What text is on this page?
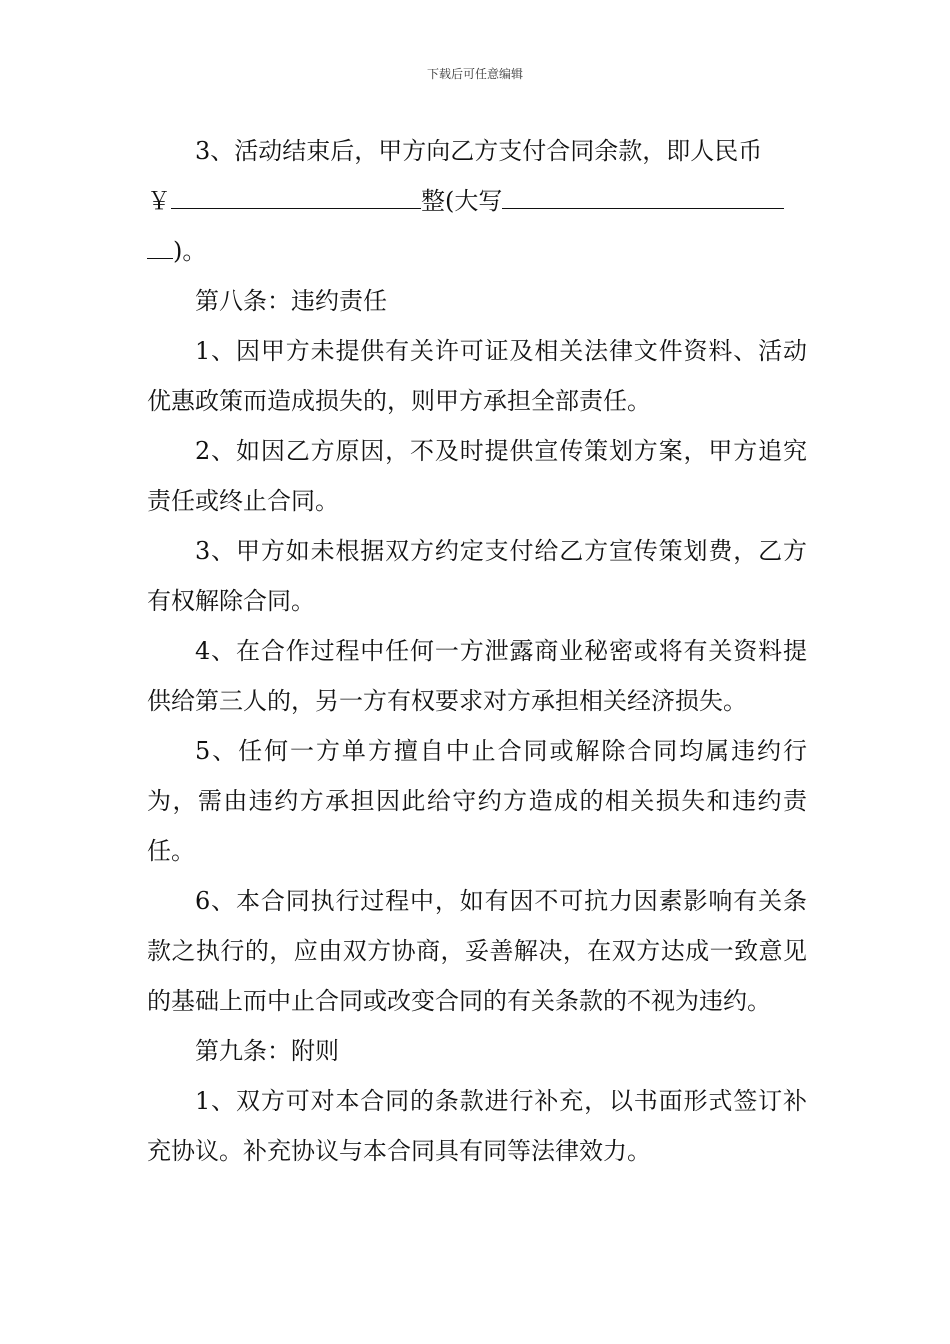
下载后可任意编辑

3、活动结束后，甲方向乙方支付合同余款，即人民币

￥	整(大写

)。

第八条：违约责任

1、因甲方未提供有关许可证及相关法律文件资料、活动优惠政策而造成损失的，则甲方承担全部责任。

2、如因乙方原因，不及时提供宣传策划方案，甲方追究责任或终止合同。

3、甲方如未根据双方约定支付给乙方宣传策划费，乙方有权解除合同。

4、在合作过程中任何一方泄露商业秘密或将有关资料提供给第三人的，另一方有权要求对方承担相关经济损失。

5、任何一方单方擅自中止合同或解除合同均属违约行为，需由违约方承担因此给守约方造成的相关损失和违约责任。

6、本合同执行过程中，如有因不可抗力因素影响有关条款之执行的，应由双方协商，妥善解决，在双方达成一致意见的基础上而中止合同或改变合同的有关条款的不视为违约。

第九条：附则

1、双方可对本合同的条款进行补充，以书面形式签订补充协议。补充协议与本合同具有同等法律效力。
